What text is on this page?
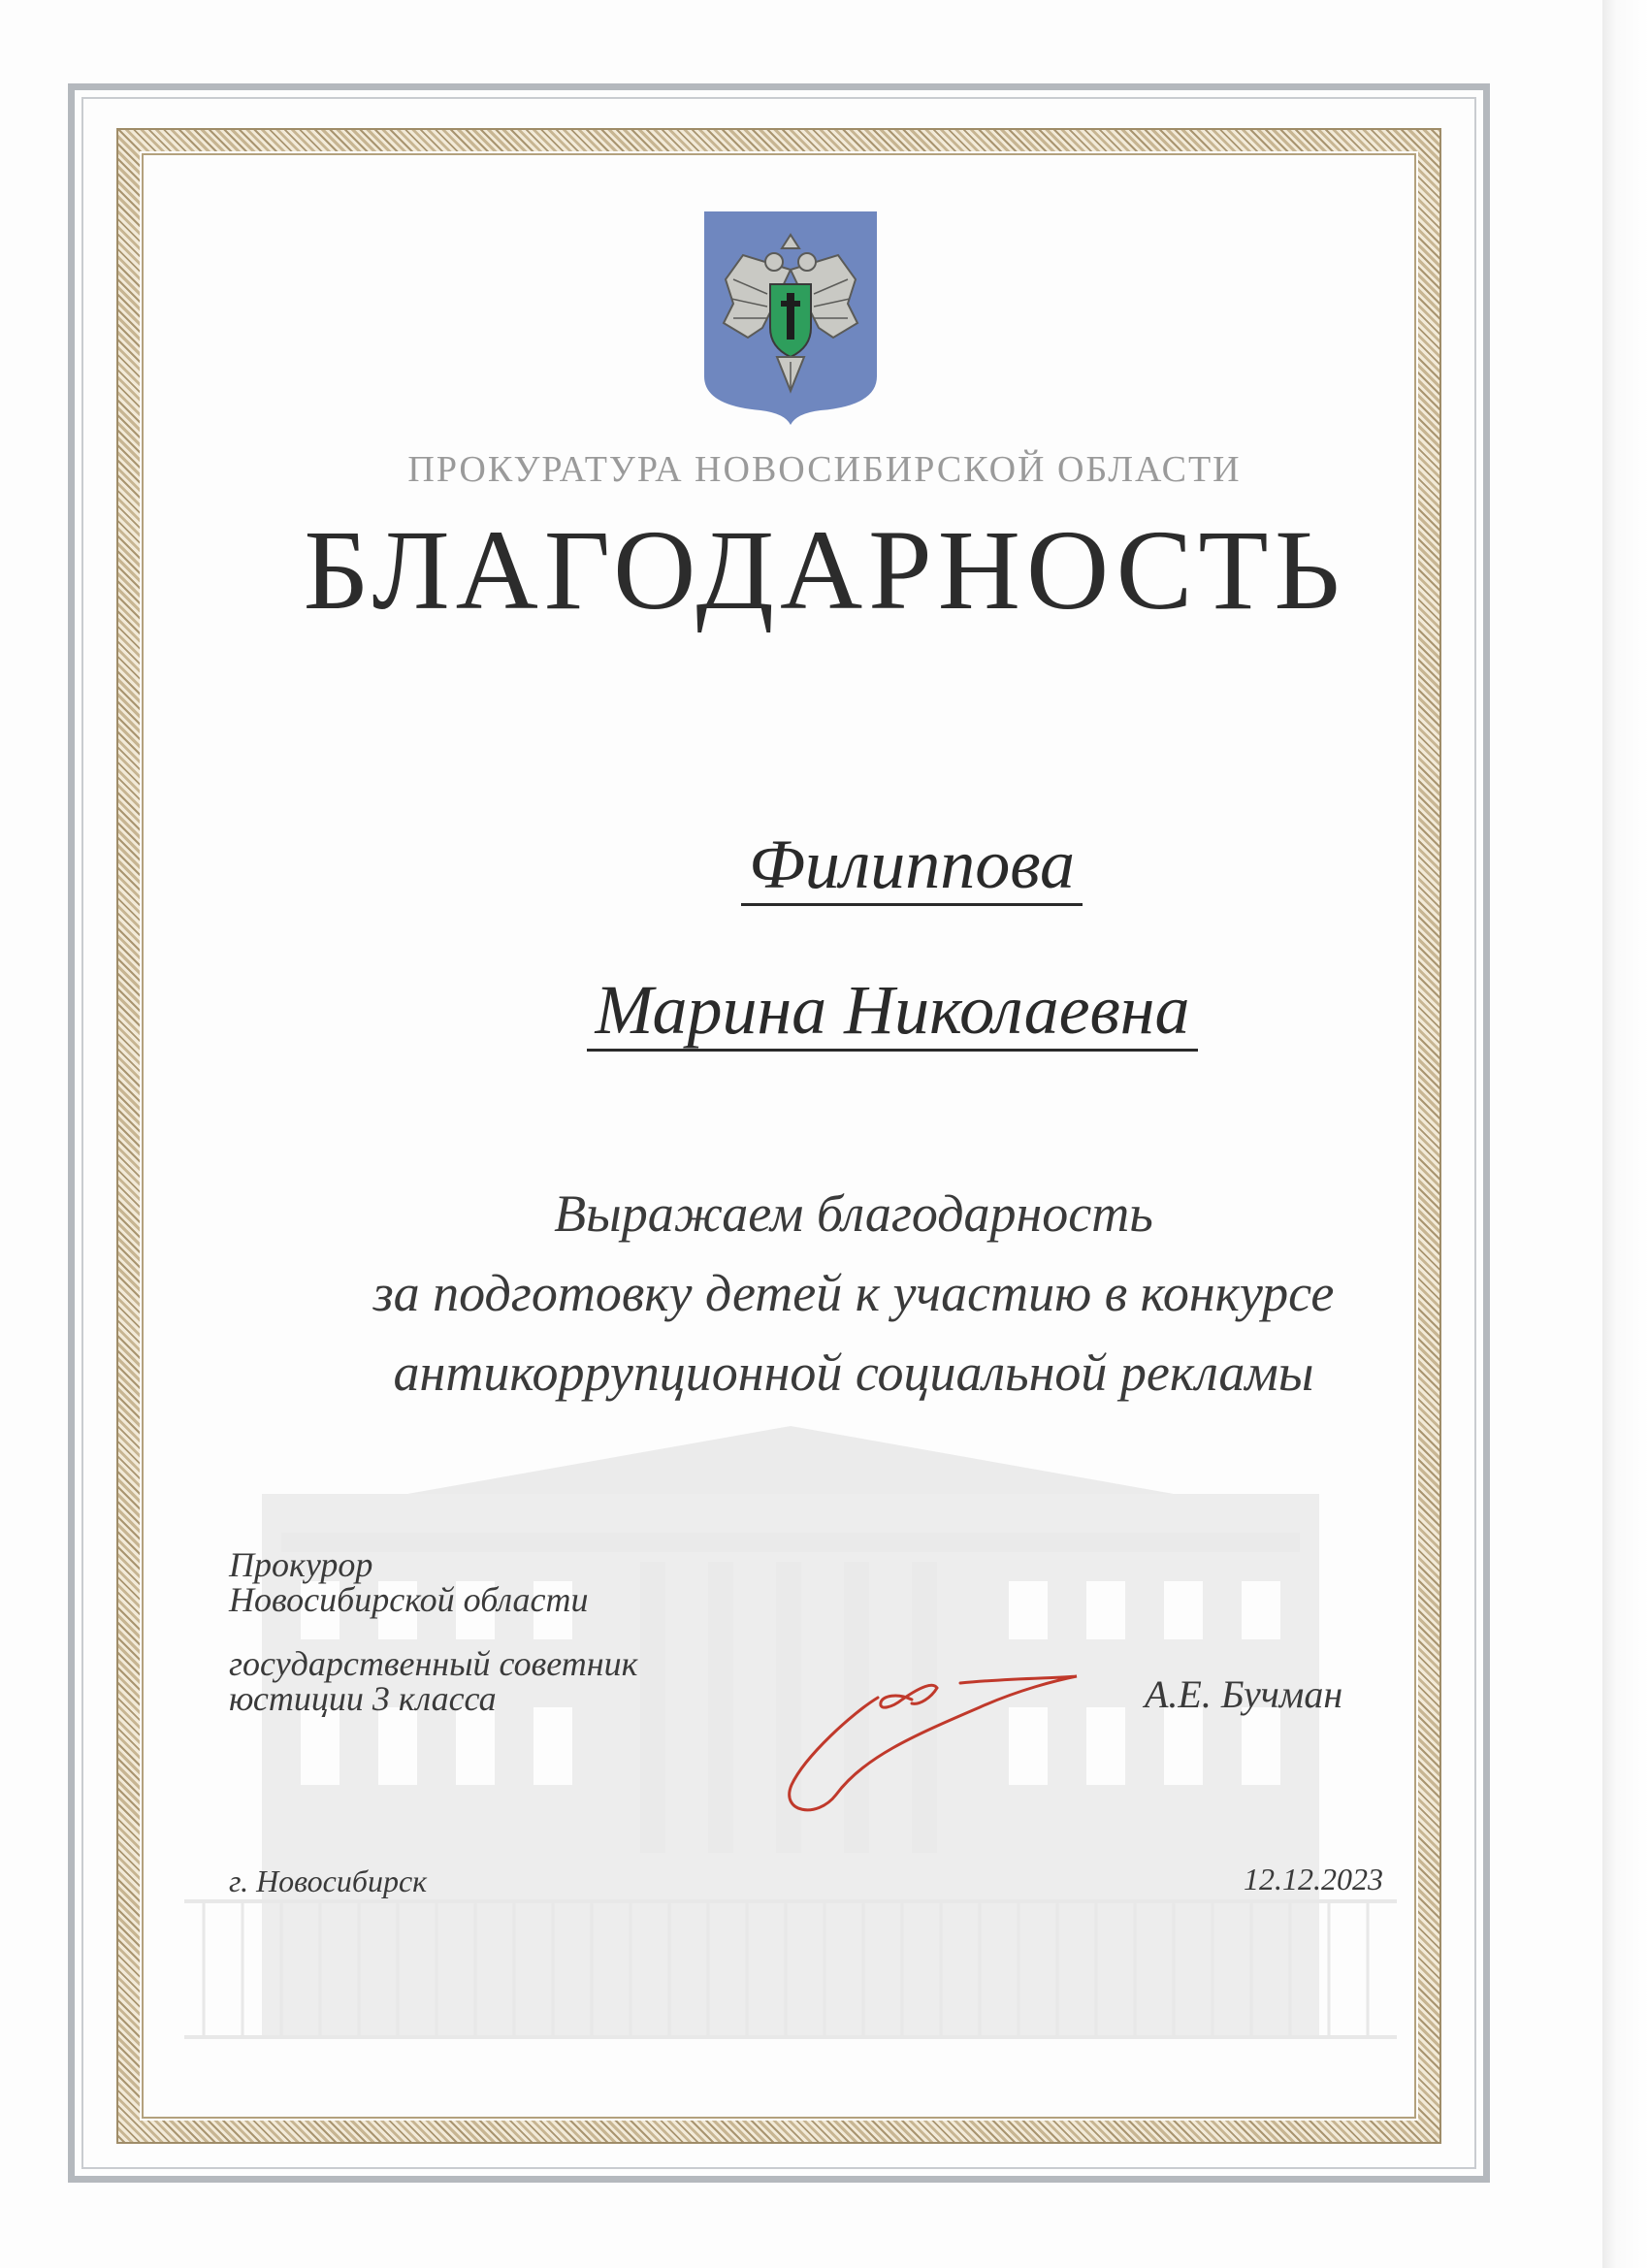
ПРОКУРАТУРА НОВОСИБИРСКОЙ ОБЛАСТИ
БЛАГОДАРНОСТЬ
Филиппова
Марина Николаевна
Выражаем благодарность
за подготовку детей к участию в конкурсе
антикоррупционной социальной рекламы
Прокурор
Новосибирской области
государственный советник
юстиции 3 класса	А.Е. Бучман
г. Новосибирск	12.12.2023
